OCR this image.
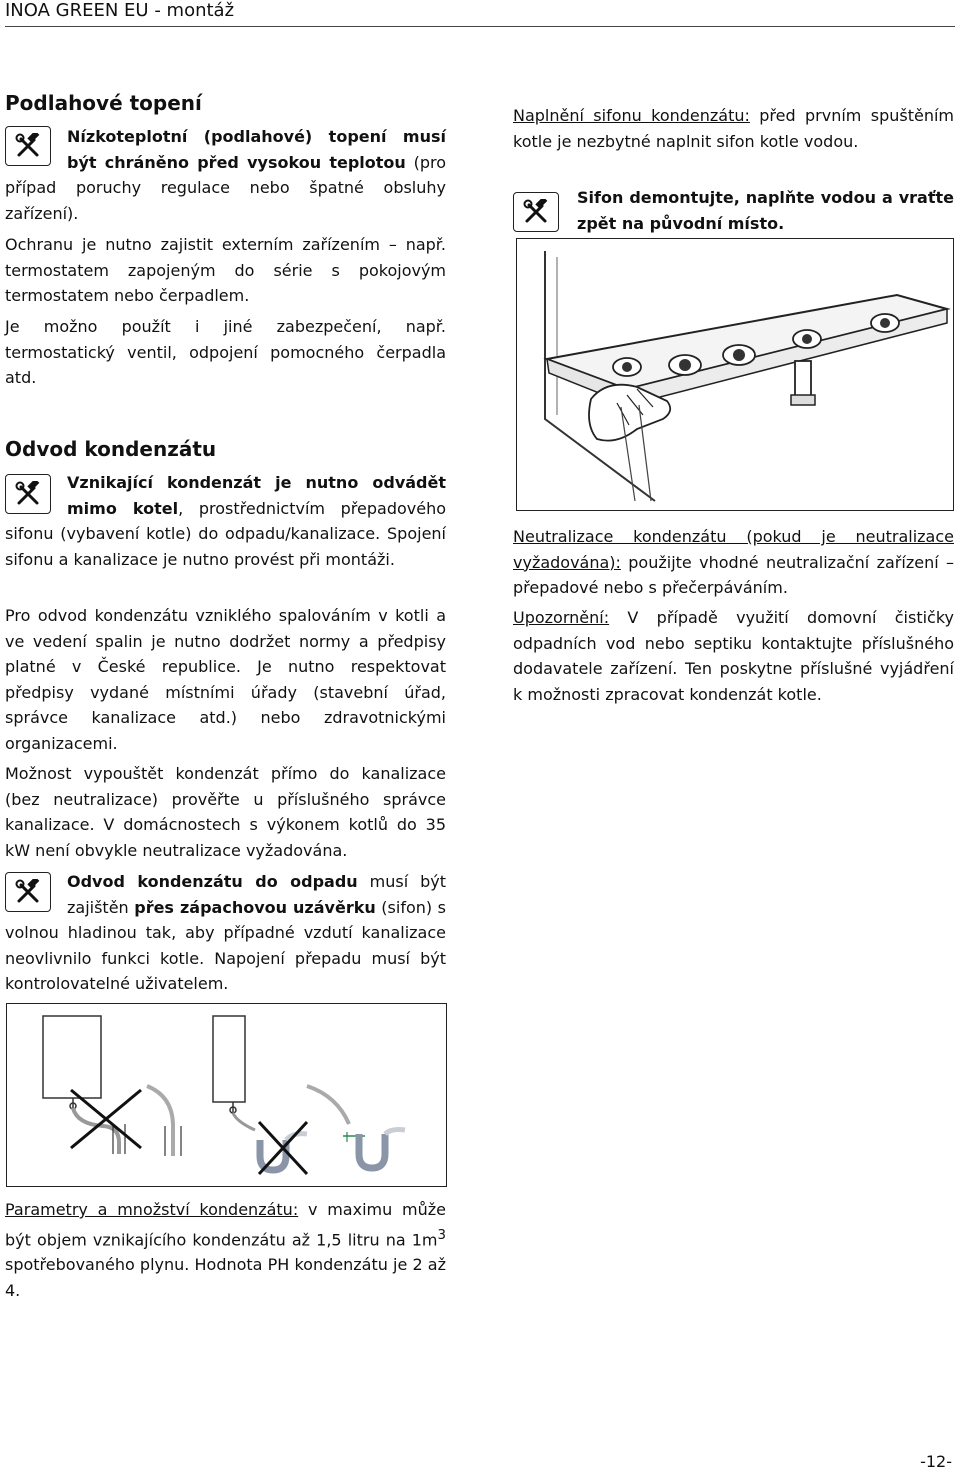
INOA GREEN EU - montáž
Podlahové topení
Nízkoteplotní (podlahové) topení musí být chráněno před vysokou teplotou (pro případ poruchy regulace nebo špatné obsluhy zařízení).

Ochranu je nutno zajistit externím zařízením – např. termostatem zapojeným do série s pokojovým termostatem nebo čerpadlem.

Je možno použít i jiné zabezpečení, např. termostatický ventil, odpojení pomocného čerpadla atd.

Odvod kondenzátu
Vznikající kondenzát je nutno odvádět mimo kotel, prostřednictvím přepadového sifonu (vybavení kotle) do odpadu/kanalizace. Spojení sifonu a kanalizace je nutno provést při montáži.

Pro odvod kondenzátu vzniklého spalováním v kotli a ve vedení spalin je nutno dodržet normy a předpisy platné v České republice. Je nutno respektovat předpisy vydané místními úřady (stavební úřad, správce kanalizace atd.) nebo zdravotnickými organizacemi.

Možnost vypouštět kondenzát přímo do kanalizace (bez neutralizace) prověřte u příslušného správce kanalizace. V domácnostech s výkonem kotlů do 35 kW není obvykle neutralizace vyžadována.

Odvod kondenzátu do odpadu musí být zajištěn přes zápachovou uzávěrku (sifon) s volnou hladinou tak, aby případné vzdutí kanalizace neovlivnilo funkci kotle. Napojení přepadu musí být kontrolovatelné uživatelem.

Parametry a množství kondenzátu: v maximu může být objem vznikajícího kondenzátu až 1,5 litru na $1m^3$ spotřebovaného plynu. Hodnota PH kondenzátu je 2 až 4.

Naplnění sifonu kondenzátu: před prvním spuštěním kotle je nezbytné naplnit sifon kotle vodou.

Sifon demontujte, naplňte vodou a vraťte zpět na původní místo.

Neutralizace kondenzátu (pokud je neutralizace vyžadována): použijte vhodné neutralizační zařízení – přepadové nebo s přečerpáváním.

Upozornění: V případě využití domovní čističky odpadních vod nebo septiku kontaktujte příslušného dodavatele zařízení. Ten poskytne příslušné vyjádření k možnosti zpracovat kondenzát kotle.

-12-
